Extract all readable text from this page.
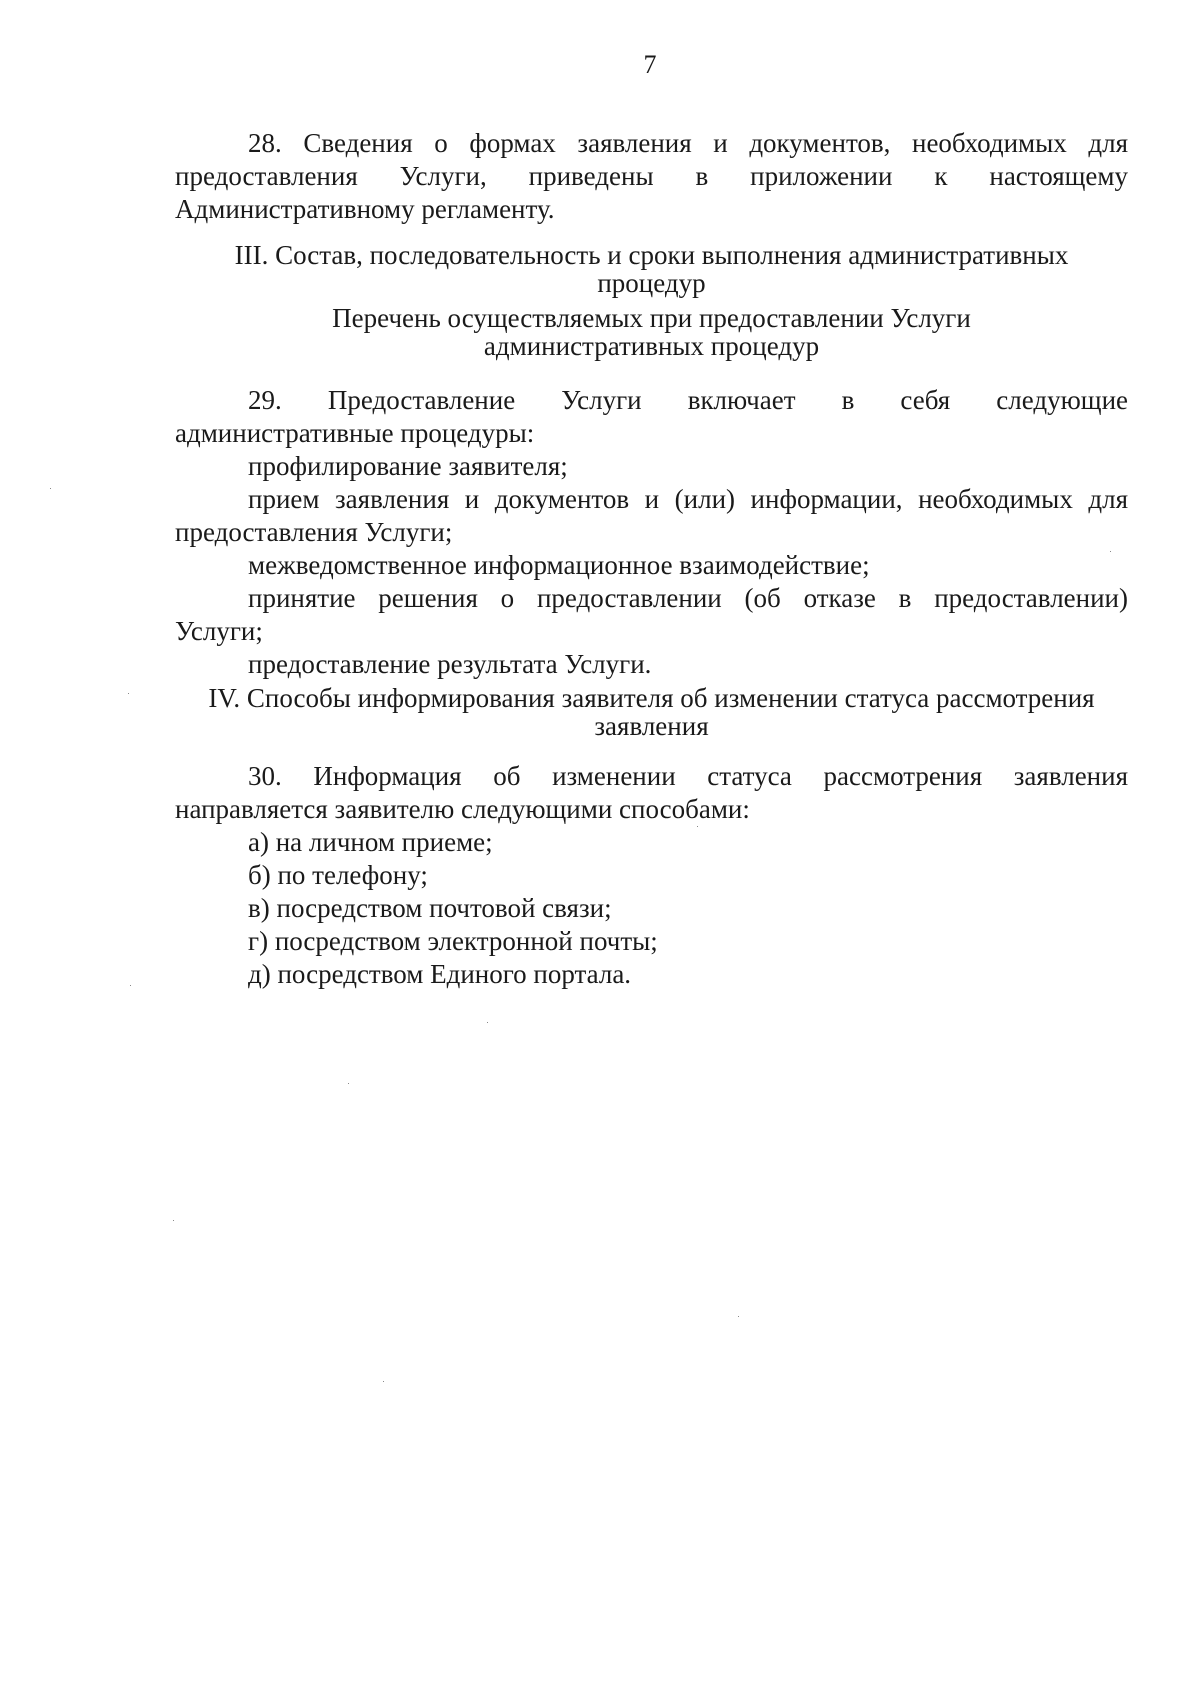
7
28. Сведения о формах заявления и документов, необходимых для
предоставления Услуги, приведены в приложении к настоящему
Административному регламенту.
III. Состав, последовательность и сроки выполнения административных
процедур
Перечень осуществляемых при предоставлении Услуги
административных процедур
29. Предоставление Услуги включает в себя следующие
административные процедуры:
профилирование заявителя;
прием заявления и документов и (или) информации, необходимых для
предоставления Услуги;
межведомственное информационное взаимодействие;
принятие решения о предоставлении (об отказе в предоставлении)
Услуги;
предоставление результата Услуги.
IV. Способы информирования заявителя об изменении статуса рассмотрения
заявления
30. Информация об изменении статуса рассмотрения заявления
направляется заявителю следующими способами:
а) на личном приеме;
б) по телефону;
в) посредством почтовой связи;
г) посредством электронной почты;
д) посредством Единого портала.
